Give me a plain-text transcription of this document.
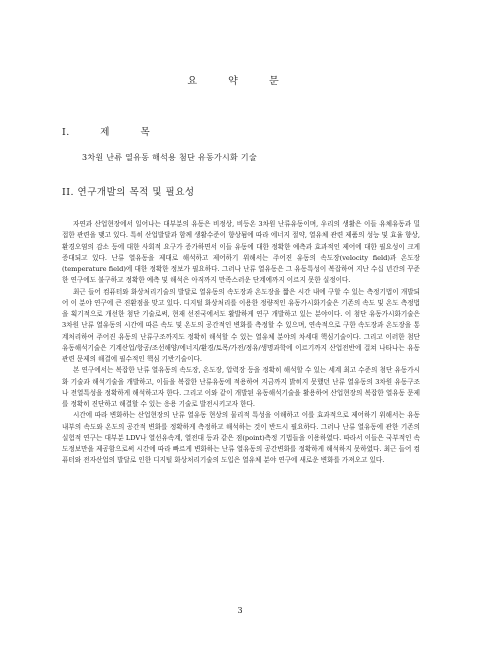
요 약 문
I. 제 목
3차원 난류 열유동 해석용 첨단 유동가시화 기술
II. 연구개발의 목적 및 필요성

자연과 산업현장에서 일어나는 대부분의 유동은 비정상, 비등온 3차원 난류유동이며, 우리의 생활은 이들 유체유동과 밀접한 관련을 맺고 있다. 특히 산업발달과 함께 생활수준이 향상됨에 따라 에너지 절약, 열유체 관련 제품의 성능 및 효율 향상, 환경오염의 감소 등에 대한 사회적 요구가 증가하면서 이들 유동에 대한 정확한 예측과 효과적인 제어에 대한 필요성이 크게 증대되고 있다. 난류 열유동을 제대로 해석하고 제어하기 위해서는 주어진 유동의 속도장(velocity field)과 온도장(temperature field)에 대한 정확한 정보가 필요하다. 그러나 난류 열유동은 그 유동특성이 복잡하여 지난 수십 년간의 꾸준한 연구에도 불구하고 정확한 예측 및 해석은 아직까지 만족스러운 단계에까지 이르지 못한 실정이다.

최근 들어 컴퓨터와 화상처리기술의 발달로 열유동의 속도장과 온도장을 짧은 시간 내에 구할 수 있는 측정기법이 개발되어 이 분야 연구에 큰 진환점을 맞고 있다. 디지털 화상처리를 이용한 정량적인 유동가시화기술은 기존의 속도 및 온도 측정법을 획기적으로 개선한 첨단 기술로써, 현재 선진국에서도 활발하게 연구 개발하고 있는 분야이다. 이 첨단 유동가시화기술은 3차원 난류 열유동의 시간에 따른 속도 및 온도의 공간적인 변화를 측정할 수 있으며, 연속적으로 구한 속도장과 온도장을 통계처리하여 주어진 유동의 난류구조까지도 정확히 해석할 수 있는 열유체 분야의 차세대 핵심기술이다. 그리고 이러한 첨단 유동해석기술은 기계산업/항공/조선해양/에너지/환경/토목/가전/정유/생명과학에 이르기까지 산업전반에 걸쳐 나타나는 유동관련 문제의 해결에 필수적인 핵심 기반기술이다.

본 연구에서는 복잡한 난류 열유동의 속도장, 온도장, 압력장 등을 정확히 해석할 수 있는 세계 최고 수준의 첨단 유동가시화 기술과 해석기술을 개발하고, 이들을 복잡한 난류유동에 적용하여 지금까지 밝히지 못했던 난류 열유동의 3차원 유동구조나 전열특성을 정확하게 해석하고자 한다. 그리고 이와 같이 개발된 유동해석기술을 활용하여 산업현장의 복잡한 열유동 문제를 정확히 진단하고 해결할 수 있는 응용 기술로 발전시키고자 한다.

시간에 따라 변화하는 산업현장의 난류 열유동 현상의 물리적 특성을 이해하고 이를 효과적으로 제어하기 위해서는 유동내부의 속도와 온도의 공간적 변화를 정확하게 측정하고 해석하는 것이 반드시 필요하다. 그러나 난류 열유동에 관한 기존의 실험적 연구는 대부분 LDV나 열선유속계, 열전대 등과 같은 점(point)측정 기법들을 이용하였다. 따라서 이들은 국부적인 속도정보만을 제공함으로써 시간에 따라 빠르게 변화하는 난류 열유동의 공간변화를 정확하게 해석하지 못하였다. 최근 들어 컴퓨터와 전자산업의 발달로 인한 디지털 화상처리기술의 도입은 열유체 분야 연구에 새로운 변화를 가져오고 있다.

3
